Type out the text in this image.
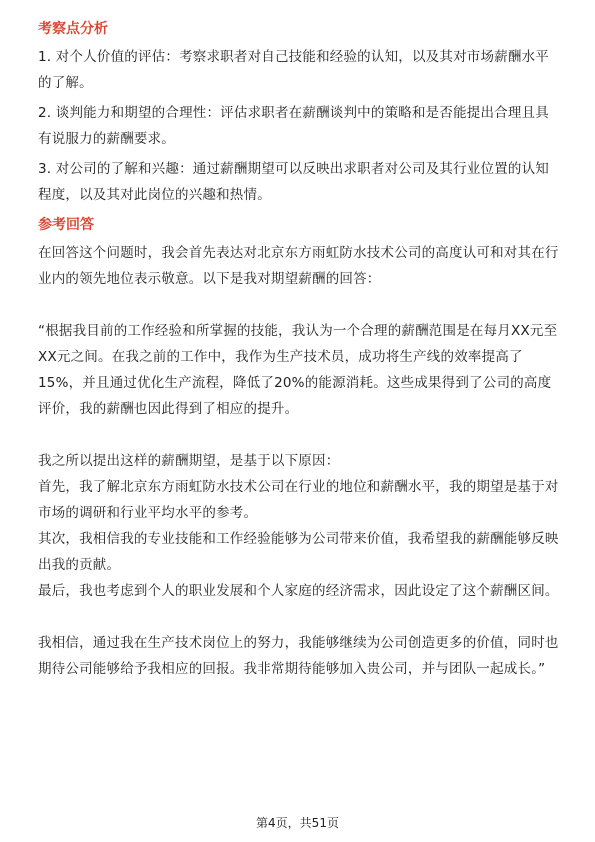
考察点分析

1. 对个人价值的评估：考察求职者对自己技能和经验的认知，以及其对市场薪酬水平的了解。

2. 谈判能力和期望的合理性：评估求职者在薪酬谈判中的策略和是否能提出合理且具有说服力的薪酬要求。

3. 对公司的了解和兴趣：通过薪酬期望可以反映出求职者对公司及其行业位置的认知程度，以及其对此岗位的兴趣和热情。

参考回答

在回答这个问题时，我会首先表达对北京东方雨虹防水技术公司的高度认可和对其在行业内的领先地位表示敬意。以下是我对期望薪酬的回答：

“根据我目前的工作经验和所掌握的技能，我认为一个合理的薪酬范围是在每月XX元至XX元之间。在我之前的工作中，我作为生产技术员，成功将生产线的效率提高了15%，并且通过优化生产流程，降低了20%的能源消耗。这些成果得到了公司的高度评价，我的薪酬也因此得到了相应的提升。

我之所以提出这样的薪酬期望，是基于以下原因：

首先，我了解北京东方雨虹防水技术公司在行业的地位和薪酬水平，我的期望是基于对市场的调研和行业平均水平的参考。

其次，我相信我的专业技能和工作经验能够为公司带来价值，我希望我的薪酬能够反映出我的贡献。

最后，我也考虑到个人的职业发展和个人家庭的经济需求，因此设定了这个薪酬区间。

我相信，通过我在生产技术岗位上的努力，我能够继续为公司创造更多的价值，同时也期待公司能够给予我相应的回报。我非常期待能够加入贵公司，并与团队一起成长。”

第4页，共51页
